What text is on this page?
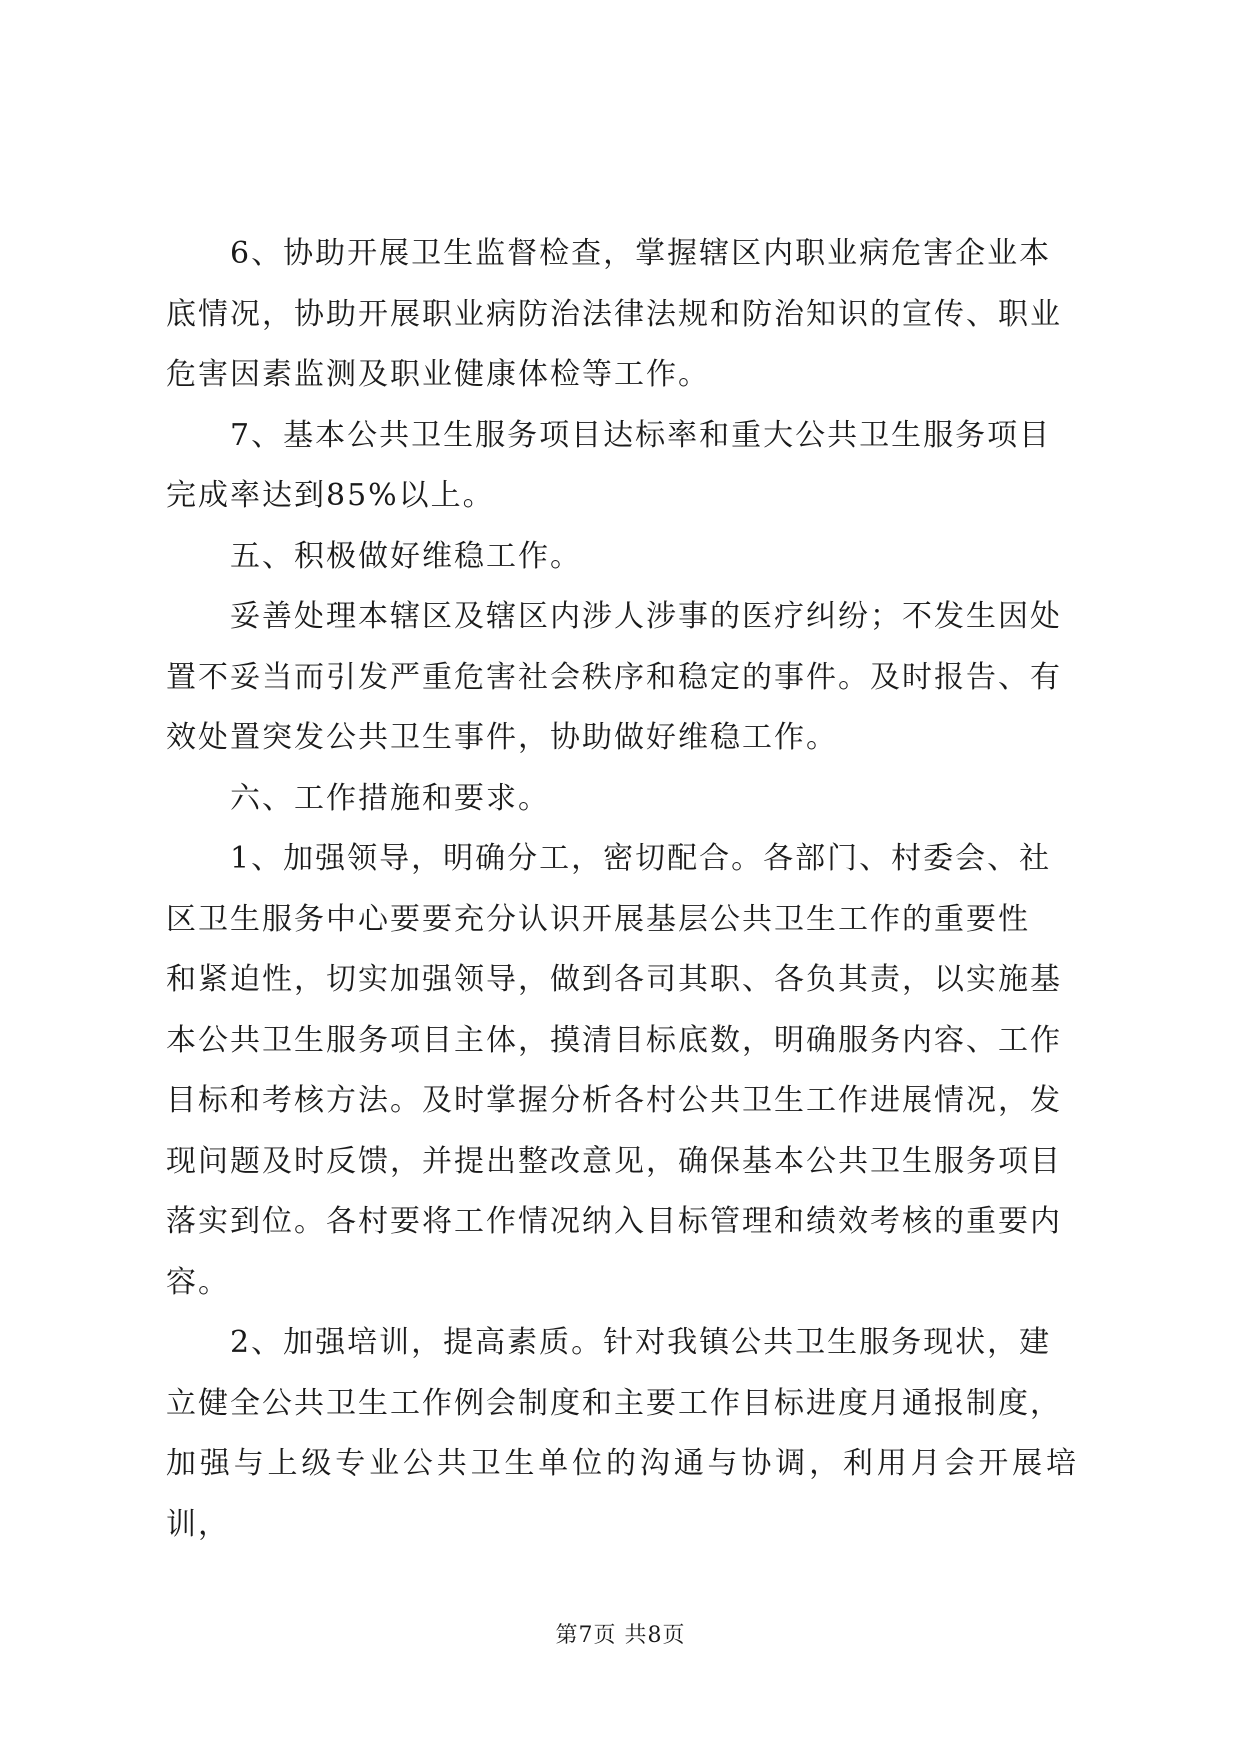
6、协助开展卫生监督检查，掌握辖区内职业病危害企业本
底情况，协助开展职业病防治法律法规和防治知识的宣传、职业
危害因素监测及职业健康体检等工作。

7、基本公共卫生服务项目达标率和重大公共卫生服务项目
完成率达到85%以上。

五、积极做好维稳工作。

妥善处理本辖区及辖区内涉人涉事的医疗纠纷；不发生因处
置不妥当而引发严重危害社会秩序和稳定的事件。及时报告、有
效处置突发公共卫生事件，协助做好维稳工作。

六、工作措施和要求。

1、加强领导，明确分工，密切配合。各部门、村委会、社
区卫生服务中心要要充分认识开展基层公共卫生工作的重要性
和紧迫性，切实加强领导，做到各司其职、各负其责，以实施基
本公共卫生服务项目主体，摸清目标底数，明确服务内容、工作
目标和考核方法。及时掌握分析各村公共卫生工作进展情况，发
现问题及时反馈，并提出整改意见，确保基本公共卫生服务项目
落实到位。各村要将工作情况纳入目标管理和绩效考核的重要内
容。

2、加强培训，提高素质。针对我镇公共卫生服务现状，建
立健全公共卫生工作例会制度和主要工作目标进度月通报制度，
加强与上级专业公共卫生单位的沟通与协调，利用月会开展培训，

第7页 共8页
